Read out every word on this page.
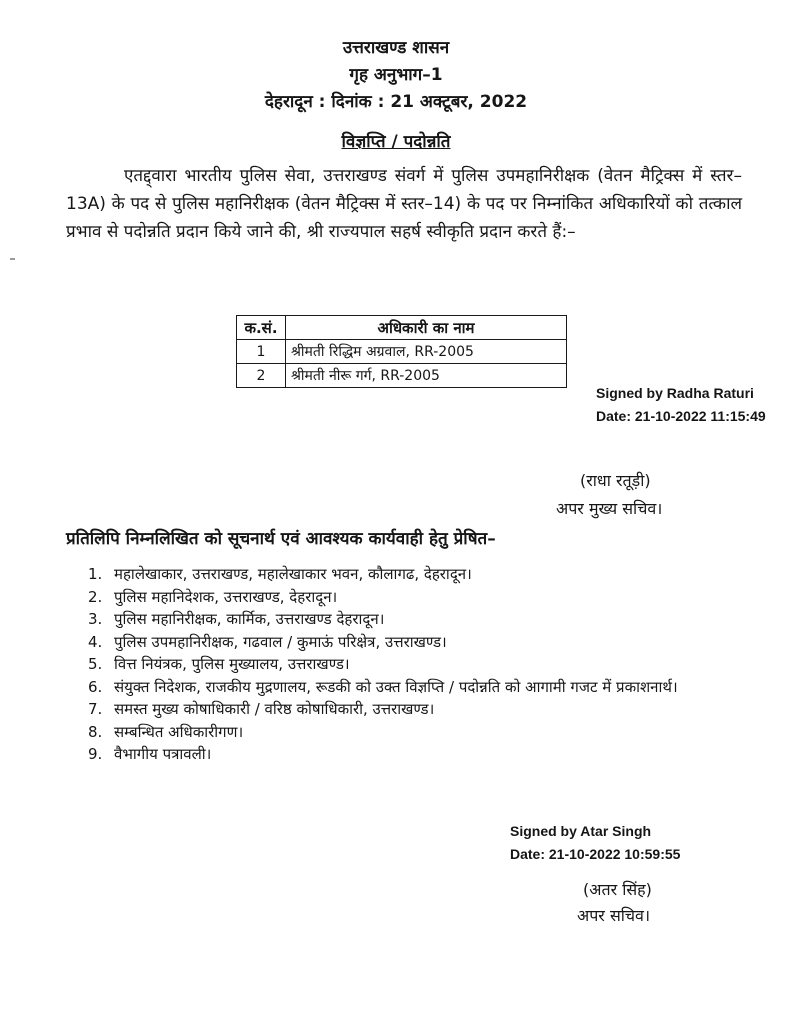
उत्तराखण्ड शासन
गृह अनुभाग–1
देहरादून : दिनांक : 21 अक्टूबर, 2022
विज्ञप्ति / पदोन्नति
एतद्द्वारा भारतीय पुलिस सेवा, उत्तराखण्ड संवर्ग में पुलिस उपमहानिरीक्षक (वेतन मैट्रिक्स में स्तर–13A) के पद से पुलिस महानिरीक्षक (वेतन मैट्रिक्स में स्तर–14) के पद पर निम्नांकित अधिकारियों को तत्काल प्रभाव से पदोन्नति प्रदान किये जाने की, श्री राज्यपाल सहर्ष स्वीकृति प्रदान करते हैं:–
क.सं.	अधिकारी का नाम
1	श्रीमती रिद्धिम अग्रवाल, RR-2005
2	श्रीमती नीरू गर्ग, RR-2005
Signed by Radha Raturi
Date: 21-10-2022 11:15:49
(राधा रतूड़ी)
अपर मुख्य सचिव।
प्रतिलिपि निम्नलिखित को सूचनार्थ एवं आवश्यक कार्यवाही हेतु प्रेषित–
1. महालेखाकार, उत्तराखण्ड, महालेखाकार भवन, कौलागढ, देहरादून।
2. पुलिस महानिदेशक, उत्तराखण्ड, देहरादून।
3. पुलिस महानिरीक्षक, कार्मिक, उत्तराखण्ड देहरादून।
4. पुलिस उपमहानिरीक्षक, गढवाल / कुमाऊं परिक्षेत्र, उत्तराखण्ड।
5. वित्त नियंत्रक, पुलिस मुख्यालय, उत्तराखण्ड।
6. संयुक्त निदेशक, राजकीय मुद्रणालय, रूडकी को उक्त विज्ञप्ति / पदोन्नति को आगामी गजट में प्रकाशनार्थ।
7. समस्त मुख्य कोषाधिकारी / वरिष्ठ कोषाधिकारी, उत्तराखण्ड।
8. सम्बन्धित अधिकारीगण।
9. वैभागीय पत्रावली।
Signed by Atar Singh
Date: 21-10-2022 10:59:55
(अतर सिंह)
अपर सचिव।
